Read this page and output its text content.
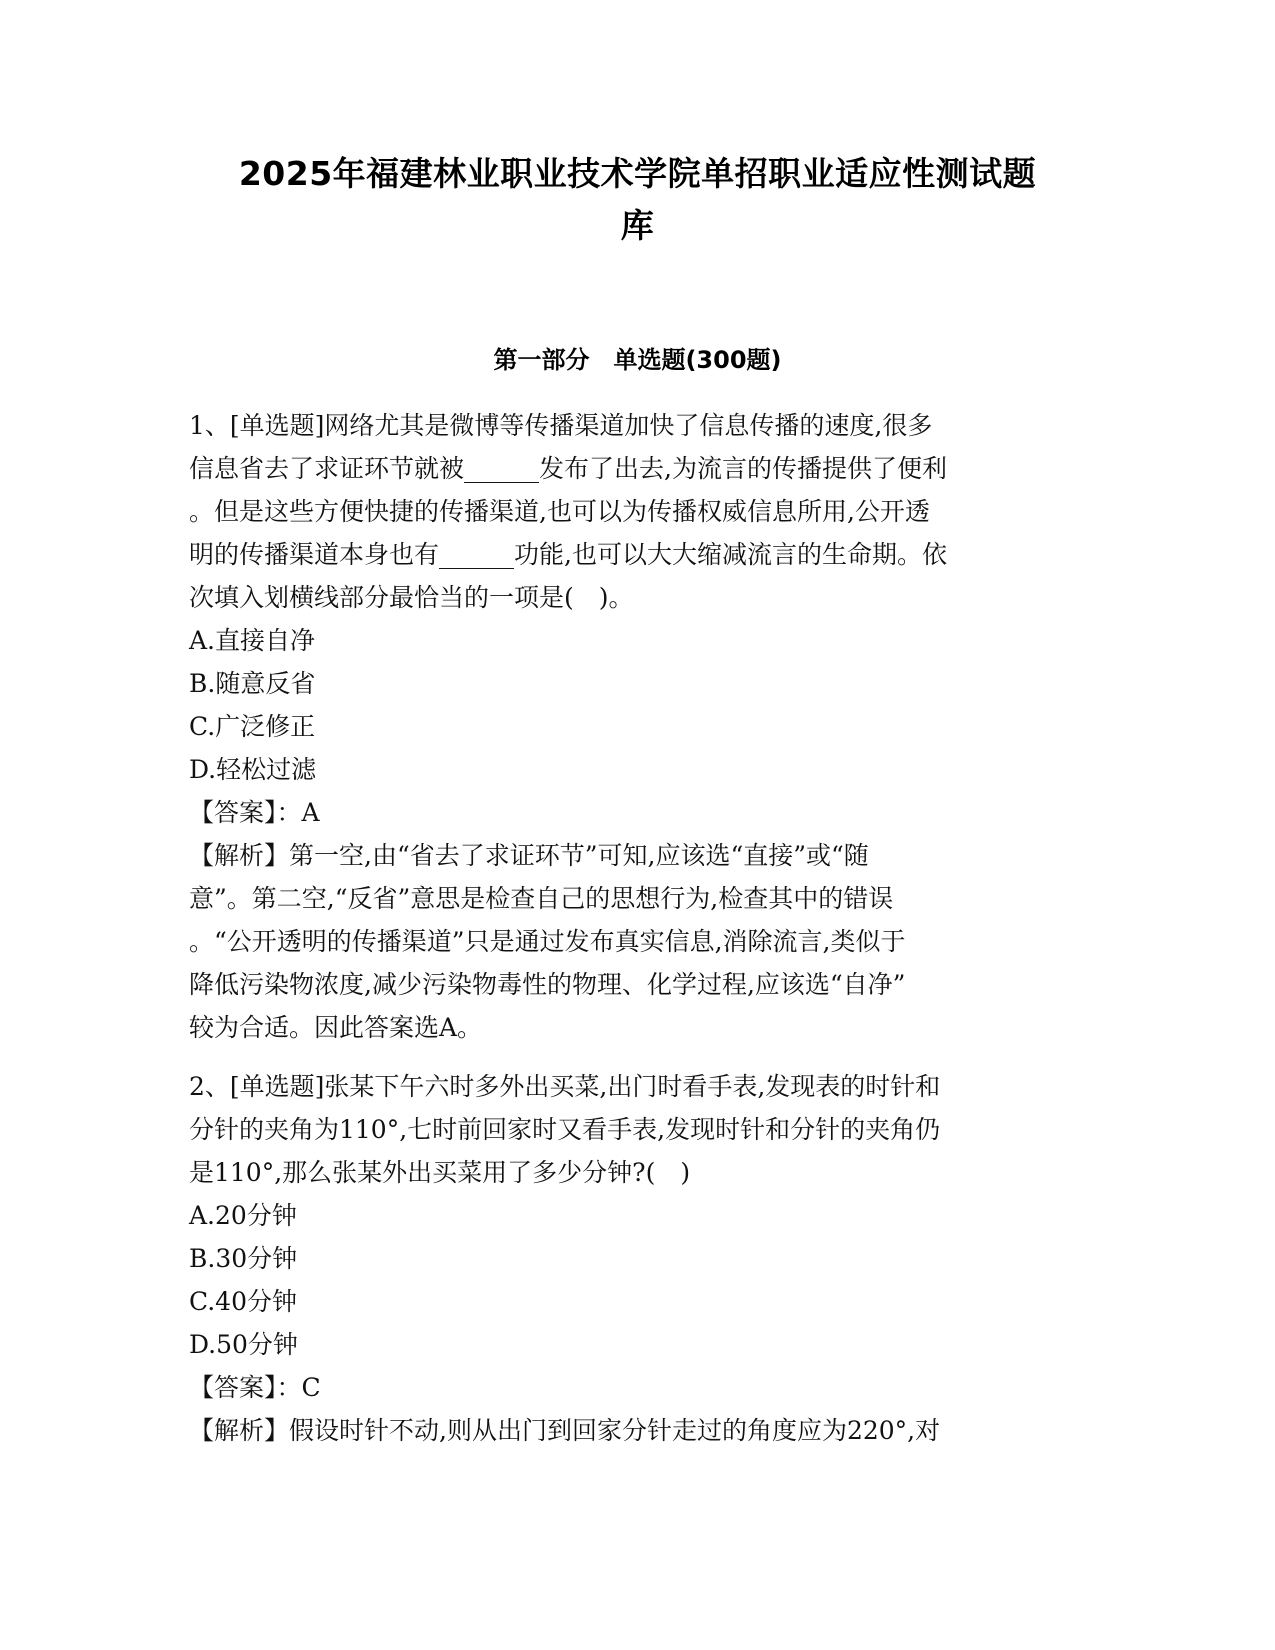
2025年福建林业职业技术学院单招职业适应性测试题
库
第一部分　单选题(300题)
1、[单选题]网络尤其是微博等传播渠道加快了信息传播的速度,很多
信息省去了求证环节就被______发布了出去,为流言的传播提供了便利
。但是这些方便快捷的传播渠道,也可以为传播权威信息所用,公开透
明的传播渠道本身也有______功能,也可以大大缩减流言的生命期。依
次填入划横线部分最恰当的一项是(　)。
A.直接自净
B.随意反省
C.广泛修正
D.轻松过滤
【答案】：A
【解析】第一空,由“省去了求证环节”可知,应该选“直接”或“随
意”。第二空,“反省”意思是检查自己的思想行为,检查其中的错误
。“公开透明的传播渠道”只是通过发布真实信息,消除流言,类似于
降低污染物浓度,减少污染物毒性的物理、化学过程,应该选“自净”
较为合适。因此答案选A。
2、[单选题]张某下午六时多外出买菜,出门时看手表,发现表的时针和
分针的夹角为110°,七时前回家时又看手表,发现时针和分针的夹角仍
是110°,那么张某外出买菜用了多少分钟?(　)
A.20分钟
B.30分钟
C.40分钟
D.50分钟
【答案】：C
【解析】假设时针不动,则从出门到回家分针走过的角度应为220°,对
